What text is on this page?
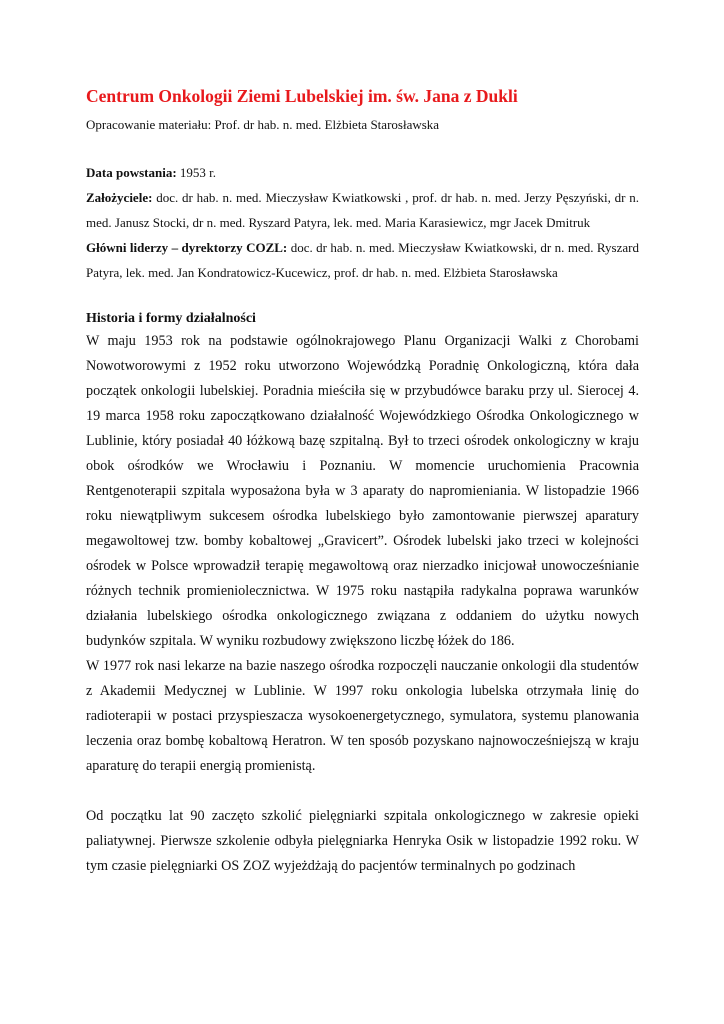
Centrum Onkologii Ziemi Lubelskiej im. św. Jana z Dukli

Opracowanie materiału: Prof. dr hab. n. med. Elżbieta Starosławska

Data powstania: 1953 r.

Założyciele: doc. dr hab. n. med. Mieczysław Kwiatkowski , prof. dr hab. n. med. Jerzy Pęszyński, dr n. med. Janusz Stocki, dr n. med. Ryszard Patyra, lek. med. Maria Karasiewicz, mgr Jacek Dmitruk

Główni liderzy – dyrektorzy COZL: doc. dr hab. n. med. Mieczysław Kwiatkowski, dr n. med. Ryszard Patyra, lek. med. Jan Kondratowicz-Kucewicz, prof. dr hab. n. med. Elżbieta Starosławska

Historia i formy działalności

W maju 1953 rok na podstawie ogólnokrajowego Planu Organizacji Walki z Chorobami Nowotworowymi z 1952 roku utworzono Wojewódzką Poradnię Onkologiczną, która dała początek onkologii lubelskiej. Poradnia mieściła się w przybudówce baraku przy ul. Sierocej 4. 19 marca 1958 roku zapoczątkowano działalność Wojewódzkiego Ośrodka Onkologicznego w Lublinie, który posiadał 40 łóżkową bazę szpitalną. Był to trzeci ośrodek onkologiczny w kraju obok ośrodków we Wrocławiu i Poznaniu. W momencie uruchomienia Pracownia Rentgenoterapii szpitala wyposażona była w 3 aparaty do napromieniania. W listopadzie 1966 roku niewątpliwym sukcesem ośrodka lubelskiego było zamontowanie pierwszej aparatury megawoltowej tzw. bomby kobaltowej „Gravicert”. Ośrodek lubelski jako trzeci w kolejności ośrodek w Polsce wprowadził terapię megawoltową oraz nierzadko inicjował unowocześnianie różnych technik promieniolecznictwa. W 1975 roku nastąpiła radykalna poprawa warunków działania lubelskiego ośrodka onkologicznego związana z oddaniem do użytku nowych budynków szpitala. W wyniku rozbudowy zwiększono liczbę łóżek do 186.

W 1977 rok nasi lekarze na bazie naszego ośrodka rozpoczęli nauczanie onkologii dla studentów z Akademii Medycznej w Lublinie. W 1997 roku onkologia lubelska otrzymała linię do radioterapii w postaci przyspieszacza wysokoenergetycznego, symulatora, systemu planowania leczenia oraz bombę kobaltową Heratron. W ten sposób pozyskano najnowocześniejszą w kraju aparaturę do terapii energią promienistą.

Od początku lat 90 zaczęto szkolić pielęgniarki szpitala onkologicznego w zakresie opieki paliatywnej. Pierwsze szkolenie odbyła pielęgniarka Henryka Osik w listopadzie 1992 roku. W tym czasie pielęgniarki OS ZOZ wyjeżdżają do pacjentów terminalnych po godzinach
